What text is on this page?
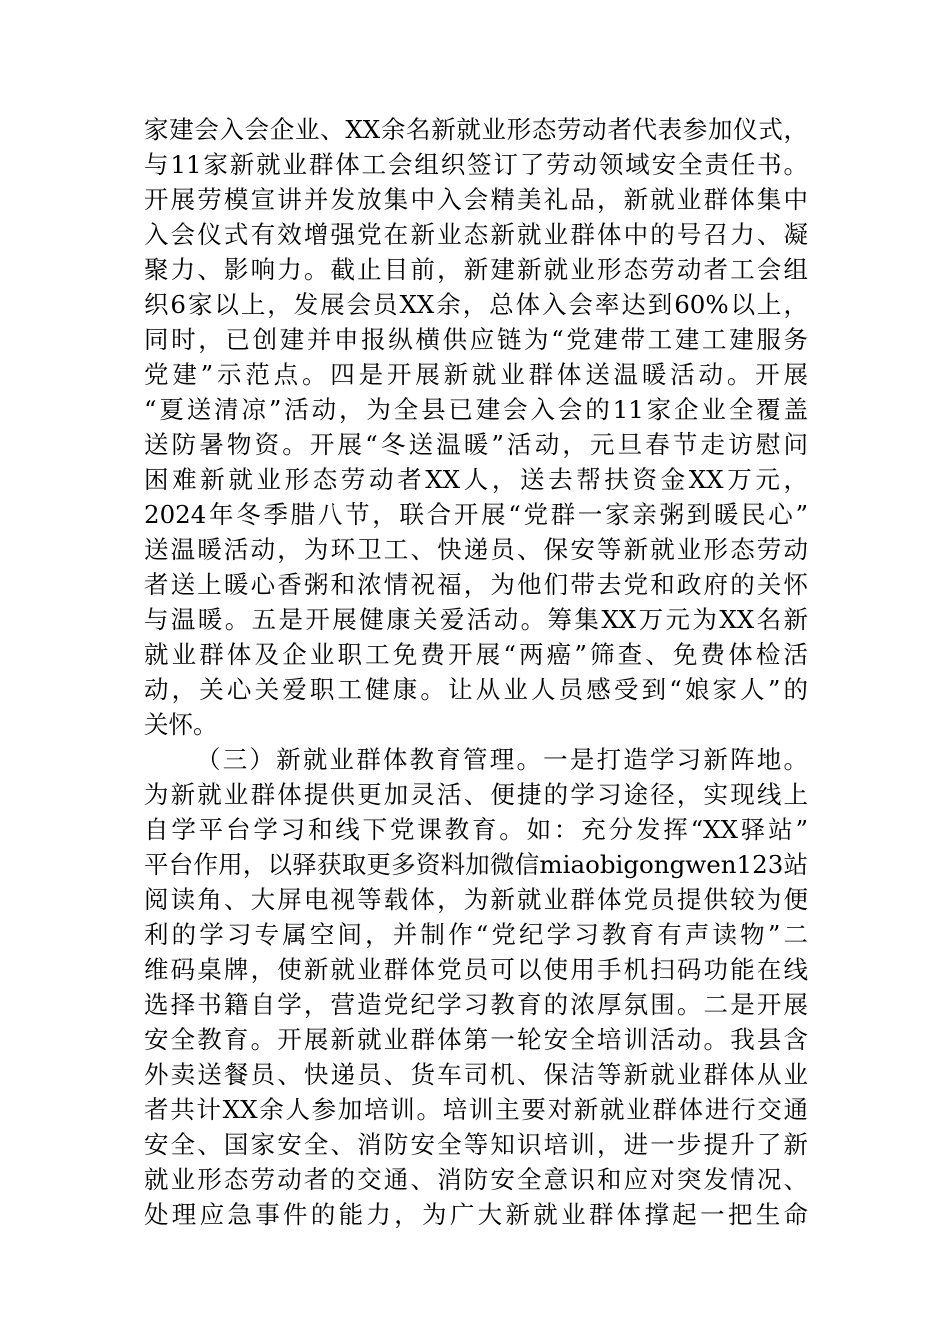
家建会入会企业、XX余名新就业形态劳动者代表参加仪式，
与11家新就业群体工会组织签订了劳动领域安全责任书。
开展劳模宣讲并发放集中入会精美礼品，新就业群体集中
入会仪式有效增强党在新业态新就业群体中的号召力、凝
聚力、影响力。截止目前，新建新就业形态劳动者工会组
织6家以上，发展会员XX余，总体入会率达到60%以上，
同时，已创建并申报纵横供应链为“党建带工建工建服务
党建”示范点。四是开展新就业群体送温暖活动。开展
“夏送清凉”活动，为全县已建会入会的11家企业全覆盖
送防暑物资。开展“冬送温暖”活动，元旦春节走访慰问
困难新就业形态劳动者XX人，送去帮扶资金XX万元，
2024年冬季腊八节，联合开展“党群一家亲粥到暖民心”
送温暖活动，为环卫工、快递员、保安等新就业形态劳动
者送上暖心香粥和浓情祝福，为他们带去党和政府的关怀
与温暖。五是开展健康关爱活动。筹集XX万元为XX名新
就业群体及企业职工免费开展“两癌”筛查、免费体检活
动，关心关爱职工健康。让从业人员感受到“娘家人”的
关怀。
（三）新就业群体教育管理。一是打造学习新阵地。
为新就业群体提供更加灵活、便捷的学习途径，实现线上
自学平台学习和线下党课教育。如：充分发挥“XX驿站”
平台作用，以驿获取更多资料加微信miaobigongwen123站
阅读角、大屏电视等载体，为新就业群体党员提供较为便
利的学习专属空间，并制作“党纪学习教育有声读物”二
维码桌牌，使新就业群体党员可以使用手机扫码功能在线
选择书籍自学，营造党纪学习教育的浓厚氛围。二是开展
安全教育。开展新就业群体第一轮安全培训活动。我县含
外卖送餐员、快递员、货车司机、保洁等新就业群体从业
者共计XX余人参加培训。培训主要对新就业群体进行交通
安全、国家安全、消防安全等知识培训，进一步提升了新
就业形态劳动者的交通、消防安全意识和应对突发情况、
处理应急事件的能力，为广大新就业群体撑起一把生命
